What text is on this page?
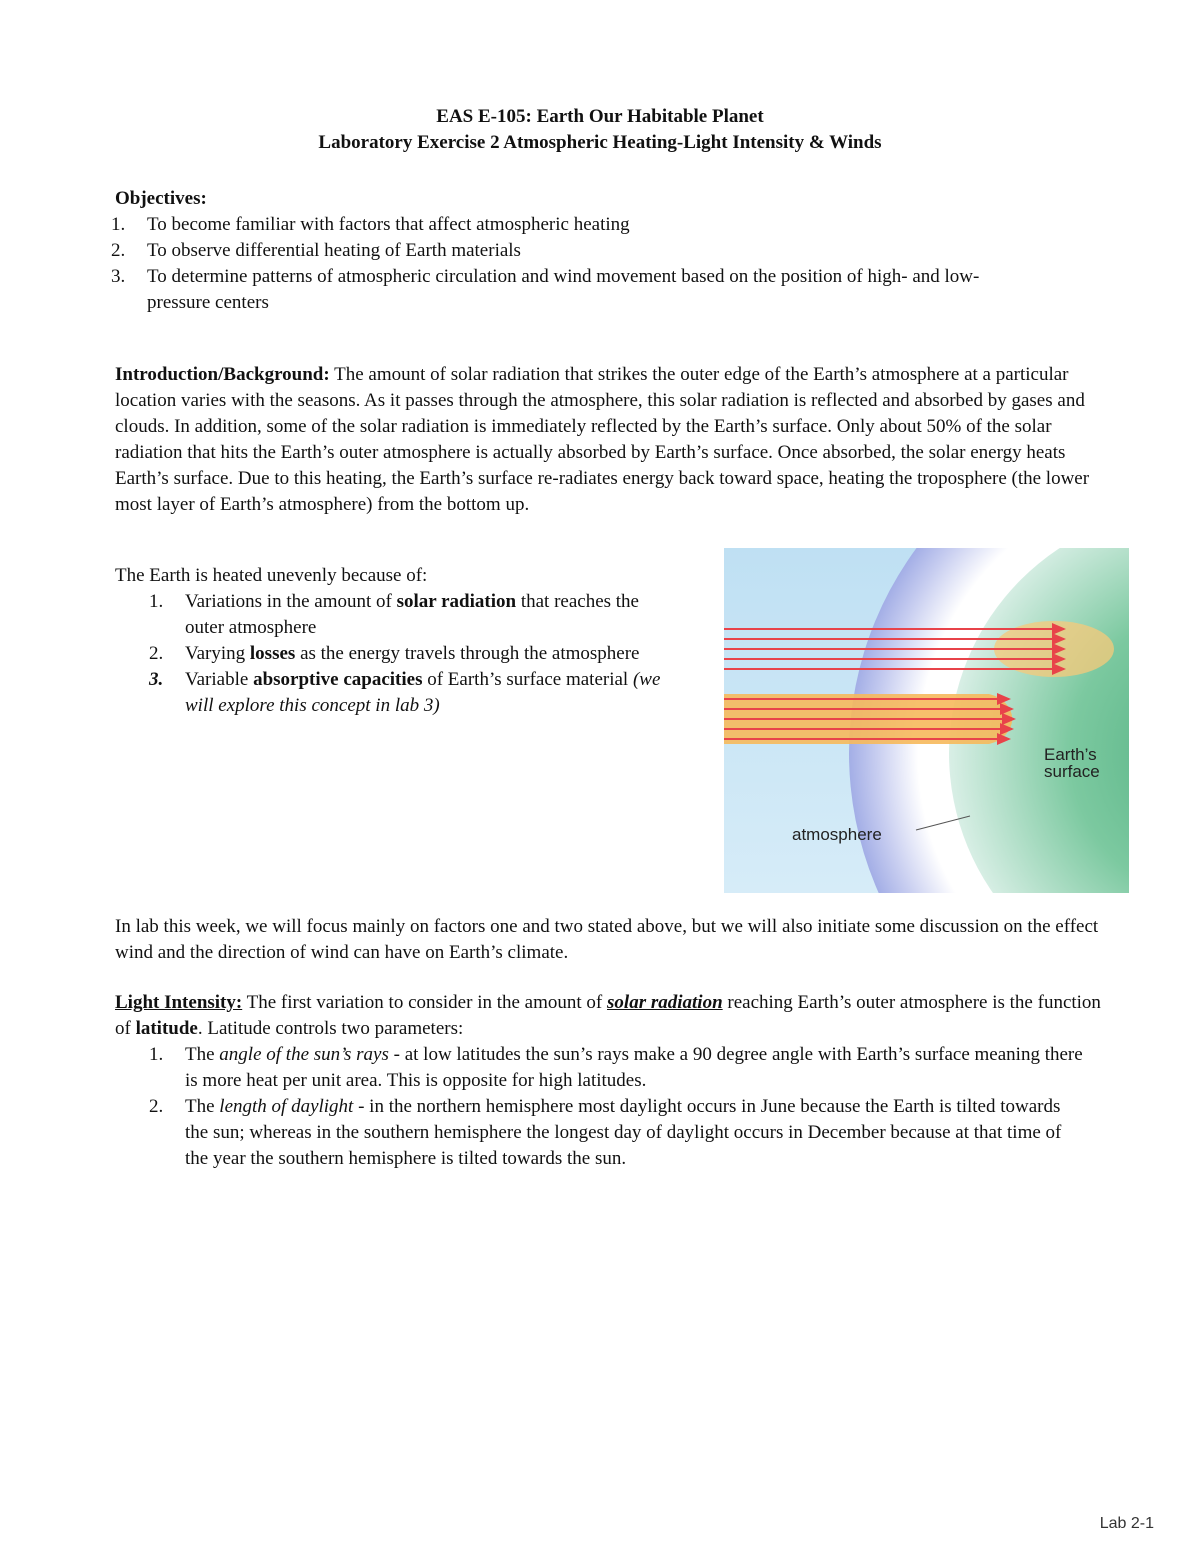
EAS E-105: Earth Our Habitable Planet
Laboratory Exercise 2 Atmospheric Heating-Light Intensity & Winds
Objectives:
1.	To become familiar with factors that affect atmospheric heating
2.	To observe differential heating of Earth materials
3.	To determine patterns of atmospheric circulation and wind movement based on the position of high- and low-pressure centers

Introduction/Background: The amount of solar radiation that strikes the outer edge of the Earth’s atmosphere at a particular location varies with the seasons. As it passes through the atmosphere, this solar radiation is reflected and absorbed by gases and clouds. In addition, some of the solar radiation is immediately reflected by the Earth’s surface. Only about 50% of the solar radiation that hits the Earth’s outer atmosphere is actually absorbed by Earth’s surface. Once absorbed, the solar energy heats Earth’s surface. Due to this heating, the Earth’s surface re-radiates energy back toward space, heating the troposphere (the lower most layer of Earth’s atmosphere) from the bottom up.

The Earth is heated unevenly because of:
1.	Variations in the amount of solar radiation that reaches the outer atmosphere
2.	Varying losses as the energy travels through the atmosphere
3.	Variable absorptive capacities of Earth’s surface material (we will explore this concept in lab 3)
Earth’s
surface
atmosphere

In lab this week, we will focus mainly on factors one and two stated above, but we will also initiate some discussion on the effect wind and the direction of wind can have on Earth’s climate.

Light Intensity: The first variation to consider in the amount of solar radiation reaching Earth’s outer atmosphere is the function of latitude. Latitude controls two parameters:
1.	The angle of the sun’s rays - at low latitudes the sun’s rays make a 90 degree angle with Earth’s surface meaning there is more heat per unit area. This is opposite for high latitudes.
2.	The length of daylight - in the northern hemisphere most daylight occurs in June because the Earth is tilted towards the sun; whereas in the southern hemisphere the longest day of daylight occurs in December because at that time of the year the southern hemisphere is tilted towards the sun.
Lab 2-1
